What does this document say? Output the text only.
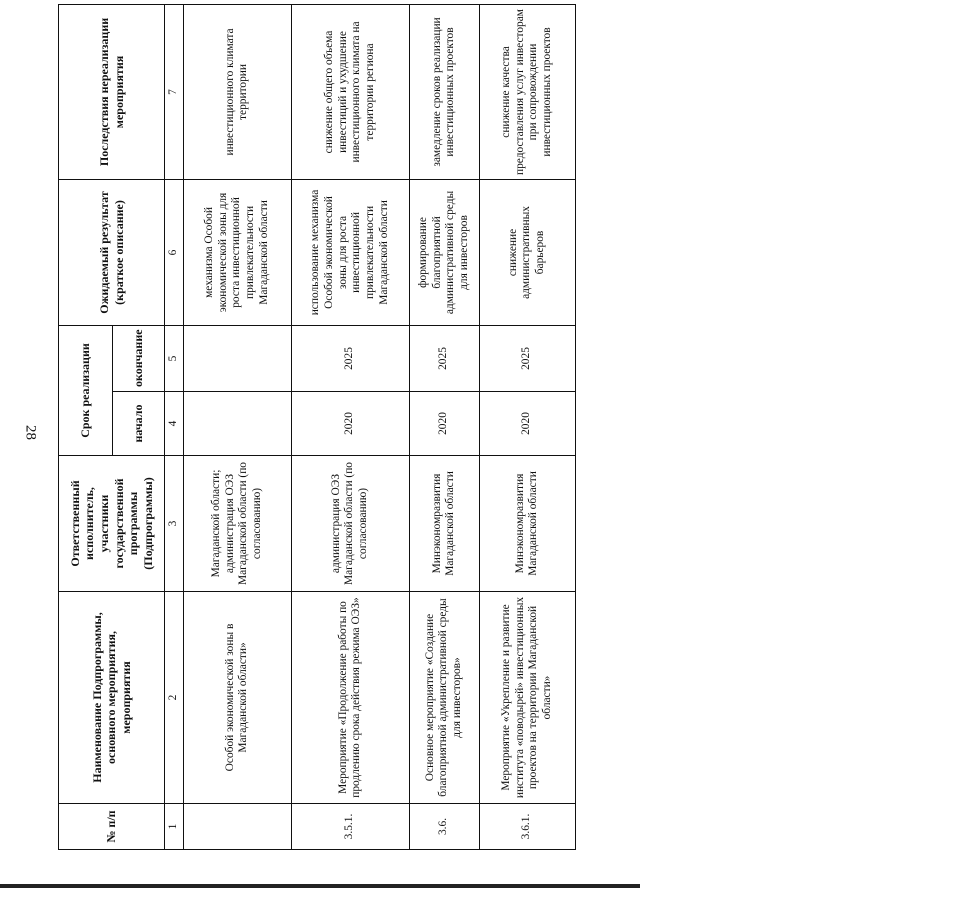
28
№ п/п	Наименование Подпрограммы, основного мероприятия, мероприятия	Ответственный исполнитель, участники государственной программы (Подпрограммы)	Срок реализации		Ожидаемый результат (краткое описание)	Последствия нереализации мероприятия
			начало	окончание		
1	2	3	4	5	6	7
	Особой экономической зоны в Магаданской области»	Магаданской области; администрация ОЭЗ Магаданской области (по согласованию)			механизма Особой экономической зоны для роста инвестиционной привлекательности Магаданской области	инвестиционного климата территории
3.5.1.	Мероприятие «Продолжение работы по продлению срока действия режима ОЭЗ»	администрация ОЭЗ Магаданской области (по согласованию)	2020	2025	использование механизма Особой экономической зоны для роста инвестиционной привлекательности Магаданской области	снижение общего объема инвестиций и ухудшение инвестиционного климата на территории региона
3.6.	Основное мероприятие «Создание благоприятной административной среды для инвесторов»	Минэкономразвития Магаданской области	2020	2025	формирование благоприятной административной среды для инвесторов	замедление сроков реализации инвестиционных проектов
3.6.1.	Мероприятие «Укрепление и развитие института «поводырей» инвестиционных проектов на территории Магаданской области»	Минэкономразвития Магаданской области	2020	2025	снижение административных барьеров	снижение качества предоставления услуг инвесторам при сопровождении инвестиционных проектов
